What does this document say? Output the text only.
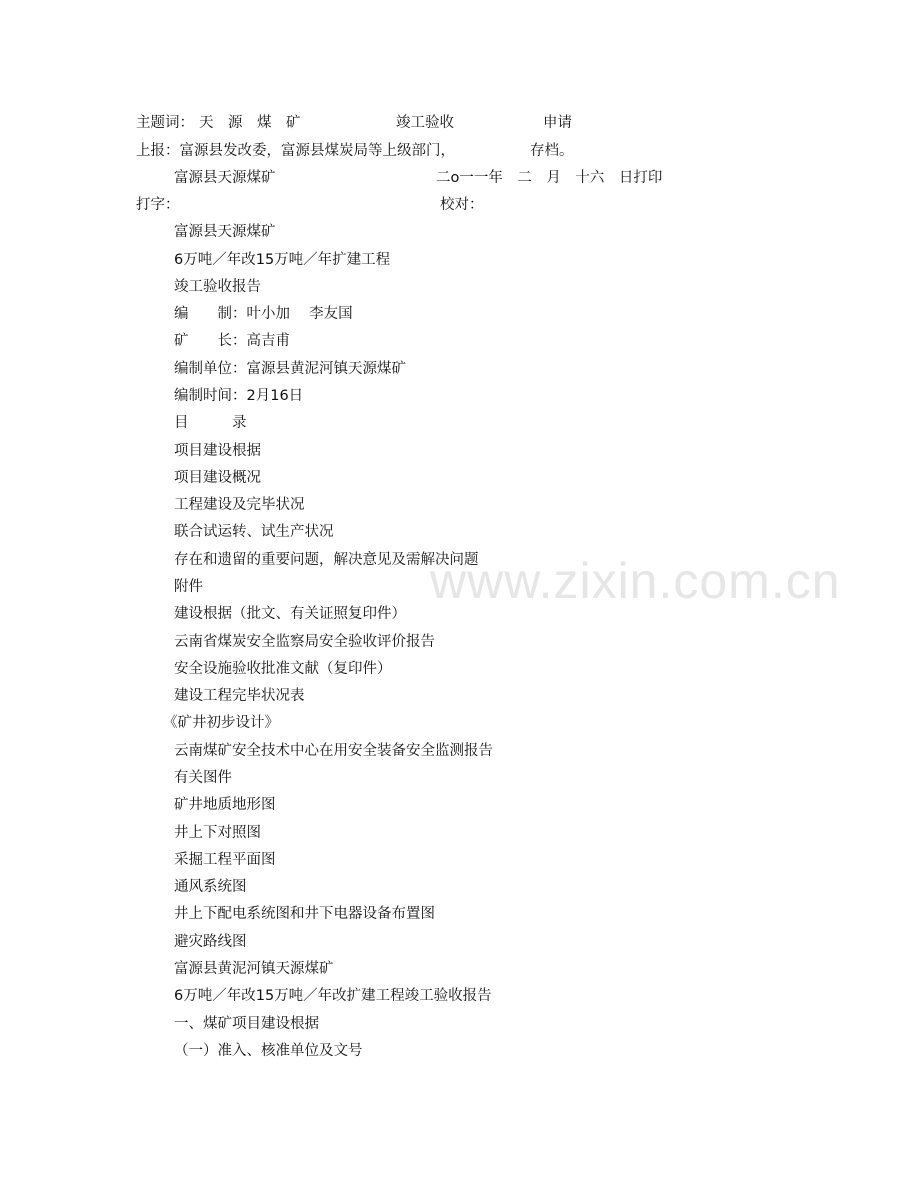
主题词： 天　源　煤　矿	竣工验收	申请
上报：富源县发改委，富源县煤炭局等上级部门，	存档。
富源县天源煤矿	二o一一年　二　月　十六　日打印
打字：	校对：
富源县天源煤矿
6万吨／年改15万吨／年扩建工程
竣工验收报告
编　　制：叶小加　 李友国
矿　　长：高吉甫
编制单位：富源县黄泥河镇天源煤矿
编制时间：2月16日
目　　　录
项目建设根据
项目建设概况
工程建设及完毕状况
联合试运转、试生产状况
存在和遗留的重要问题，解决意见及需解决问题
www.zixin.com.cn
附件
建设根据（批文、有关证照复印件）
云南省煤炭安全监察局安全验收评价报告
安全设施验收批准文献（复印件）
建设工程完毕状况表
《矿井初步设计》
云南煤矿安全技术中心在用安全装备安全监测报告
有关图件
矿井地质地形图
井上下对照图
采掘工程平面图
通风系统图
井上下配电系统图和井下电器设备布置图
避灾路线图
富源县黄泥河镇天源煤矿
6万吨／年改15万吨／年改扩建工程竣工验收报告
一、煤矿项目建设根据
（一）准入、核准单位及文号
